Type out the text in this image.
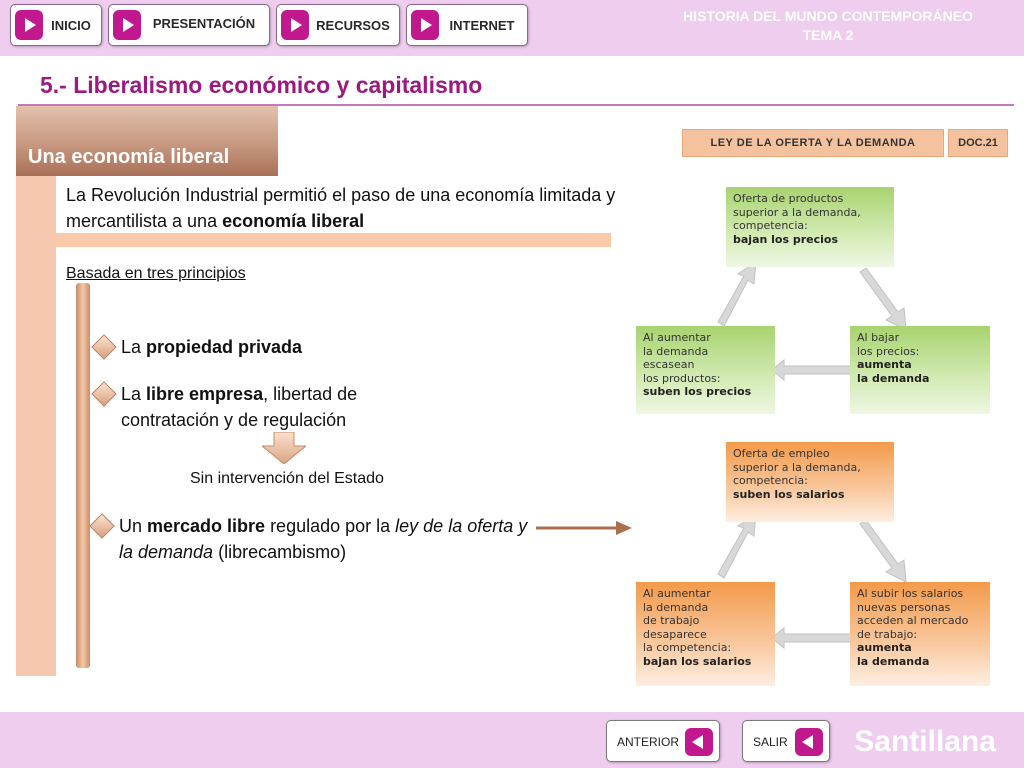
INICIO	PRESENTACIÓN	RECURSOS	INTERNET
HISTORIA DEL MUNDO CONTEMPORÁNEO
TEMA 2
5.- Liberalismo económico y capitalismo
Una economía liberal
La Revolución Industrial permitió el paso de una economía limitada y mercantilista a una economía liberal
Basada en tres principios
La propiedad privada
La libre empresa, libertad de contratación y de regulación
Sin intervención del Estado
Un mercado libre regulado por la ley de la oferta y la demanda (librecambismo)
LEY DE LA OFERTA Y LA DEMANDA	DOC.21
Oferta de productos
superior a la demanda,
competencia:
bajan los precios
Al aumentar
la demanda
escasean
los productos:
suben los precios
Al bajar
los precios:
aumenta
la demanda
Oferta de empleo
superior a la demanda,
competencia:
suben los salarios
Al aumentar
la demanda
de trabajo
desaparece
la competencia:
bajan los salarios
Al subir los salarios
nuevas personas
acceden al mercado
de trabajo:
aumenta
la demanda
ANTERIOR	SALIR Santillana
